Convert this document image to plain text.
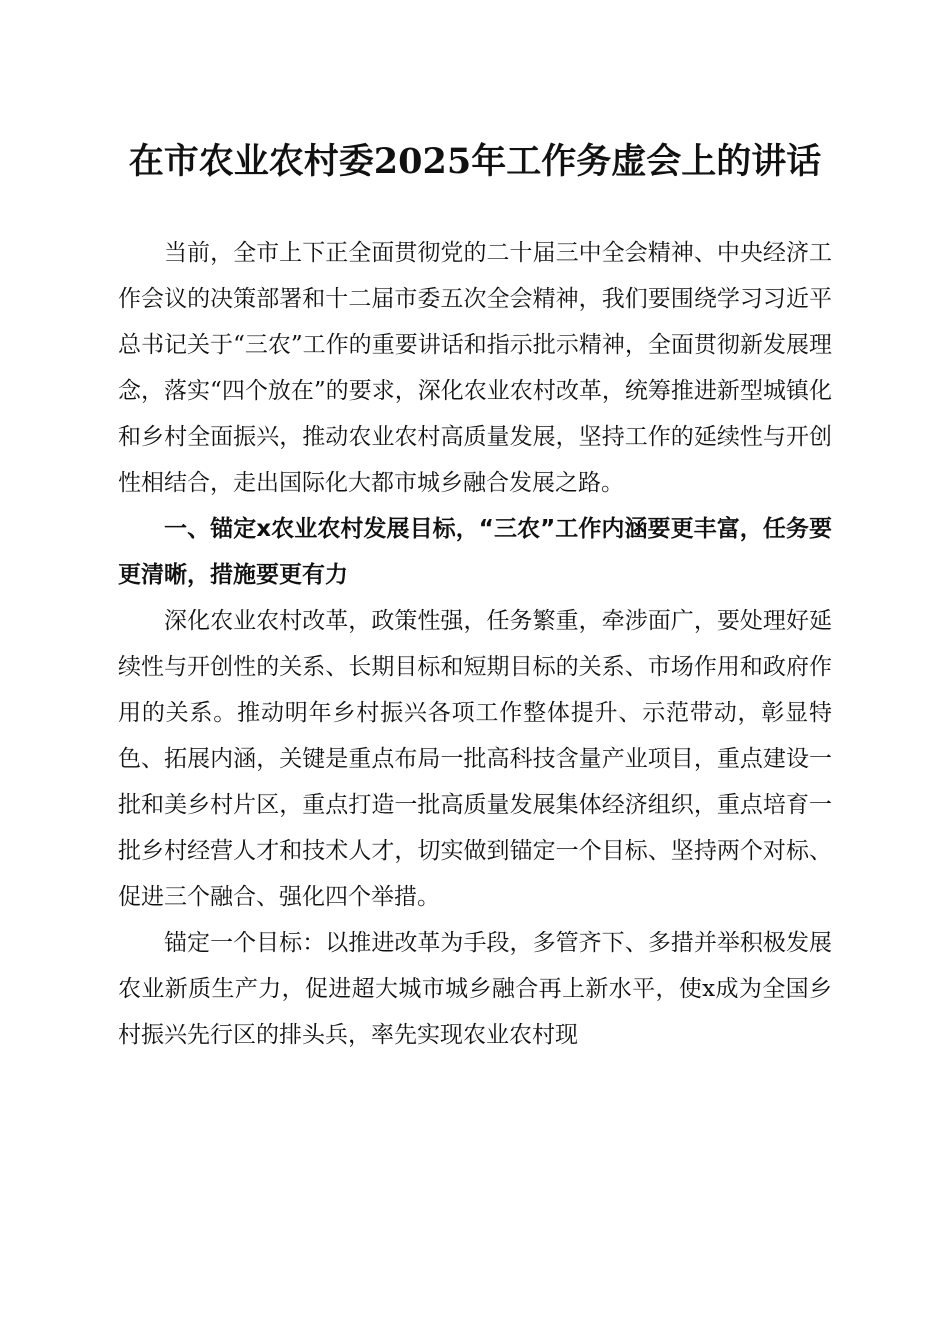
在市农业农村委2025年工作务虚会上的讲话

当前，全市上下正全面贯彻党的二十届三中全会精神、中央经济工作会议的决策部署和十二届市委五次全会精神，我们要围绕学习习近平总书记关于“三农”工作的重要讲话和指示批示精神，全面贯彻新发展理念，落实“四个放在”的要求，深化农业农村改革，统筹推进新型城镇化和乡村全面振兴，推动农业农村高质量发展，坚持工作的延续性与开创性相结合，走出国际化大都市城乡融合发展之路。

一、锚定x农业农村发展目标，“三农”工作内涵要更丰富，任务要更清晰，措施要更有力

深化农业农村改革，政策性强，任务繁重，牵涉面广，要处理好延续性与开创性的关系、长期目标和短期目标的关系、市场作用和政府作用的关系。推动明年乡村振兴各项工作整体提升、示范带动，彰显特色、拓展内涵，关键是重点布局一批高科技含量产业项目，重点建设一批和美乡村片区，重点打造一批高质量发展集体经济组织，重点培育一批乡村经营人才和技术人才，切实做到锚定一个目标、坚持两个对标、促进三个融合、强化四个举措。

锚定一个目标：以推进改革为手段，多管齐下、多措并举积极发展农业新质生产力，促进超大城市城乡融合再上新水平，使x成为全国乡村振兴先行区的排头兵，率先实现农业农村现
